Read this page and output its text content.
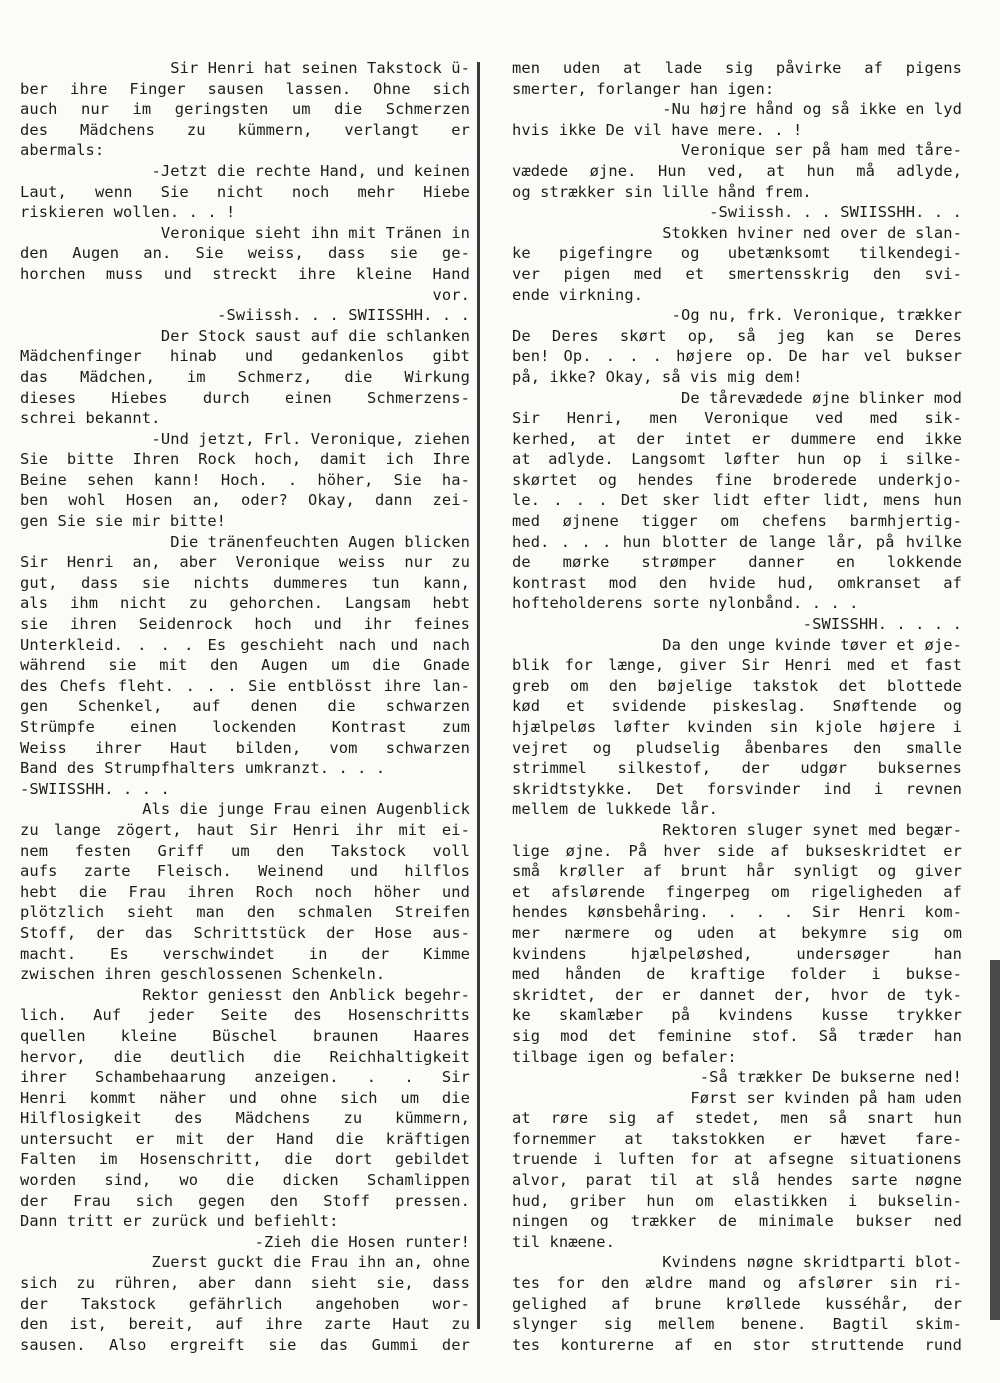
Sir Henri hat seinen Takstock ü-
ber ihre Finger sausen lassen. Ohne sich
auch nur im geringsten um die Schmerzen
des Mädchens zu kümmern, verlangt er
abermals:
-Jetzt die rechte Hand, und keinen
Laut, wenn Sie nicht noch mehr Hiebe
riskieren wollen. . . !
Veronique sieht ihn mit Tränen in
den Augen an. Sie weiss, dass sie ge-
horchen muss und streckt ihre kleine Hand
vor.
-Swiissh. . . SWIISSHH. . .
Der Stock saust auf die schlanken
Mädchenfinger hinab und gedankenlos gibt
das Mädchen, im Schmerz, die Wirkung
dieses Hiebes durch einen Schmerzens-
schrei bekannt.
-Und jetzt, Frl. Veronique, ziehen
Sie bitte Ihren Rock hoch, damit ich Ihre
Beine sehen kann! Hoch. . höher, Sie ha-
ben wohl Hosen an, oder? Okay, dann zei-
gen Sie sie mir bitte!
Die tränenfeuchten Augen blicken
Sir Henri an, aber Veronique weiss nur zu
gut, dass sie nichts dummeres tun kann,
als ihm nicht zu gehorchen. Langsam hebt
sie ihren Seidenrock hoch und ihr feines
Unterkleid. . . . Es geschieht nach und nach
während sie mit den Augen um die Gnade
des Chefs fleht. . . . Sie entblösst ihre lan-
gen Schenkel, auf denen die schwarzen
Strümpfe einen lockenden Kontrast zum
Weiss ihrer Haut bilden, vom schwarzen
Band des Strumpfhalters umkranzt. . . .
-SWIISSHH. . . .
Als die junge Frau einen Augenblick
zu lange zögert, haut Sir Henri ihr mit ei-
nem festen Griff um den Takstock voll
aufs zarte Fleisch. Weinend und hilflos
hebt die Frau ihren Roch noch höher und
plötzlich sieht man den schmalen Streifen
Stoff, der das Schrittstück der Hose aus-
macht. Es verschwindet in der Kimme
zwischen ihren geschlossenen Schenkeln.
Rektor geniesst den Anblick begehr-
lich. Auf jeder Seite des Hosenschritts
quellen kleine Büschel braunen Haares
hervor, die deutlich die Reichhaltigkeit
ihrer Schambehaarung anzeigen. . . Sir
Henri kommt näher und ohne sich um die
Hilflosigkeit des Mädchens zu kümmern,
untersucht er mit der Hand die kräftigen
Falten im Hosenschritt, die dort gebildet
worden sind, wo die dicken Schamlippen
der Frau sich gegen den Stoff pressen.
Dann tritt er zurück und befiehlt:
-Zieh die Hosen runter!
Zuerst guckt die Frau ihn an, ohne
sich zu rühren, aber dann sieht sie, dass
der Takstock gefährlich angehoben wor-
den ist, bereit, auf ihre zarte Haut zu
sausen. Also ergreift sie das Gummi der
men uden at lade sig påvirke af pigens
smerter, forlanger han igen:
-Nu højre hånd og så ikke en lyd
hvis ikke De vil have mere. . !
Veronique ser på ham med tåre-
vædede øjne. Hun ved, at hun må adlyde,
og strækker sin lille hånd frem.
-Swiissh. . . SWIISSHH. . .
Stokken hviner ned over de slan-
ke pigefingre og ubetænksomt tilkendegi-
ver pigen med et smertensskrig den svi-
ende virkning.
-Og nu, frk. Veronique, trækker
De Deres skørt op, så jeg kan se Deres
ben! Op. . . . højere op. De har vel bukser
på, ikke? Okay, så vis mig dem!
De tårevædede øjne blinker mod
Sir Henri, men Veronique ved med sik-
kerhed, at der intet er dummere end ikke
at adlyde. Langsomt løfter hun op i silke-
skørtet og hendes fine broderede underkjo-
le. . . . Det sker lidt efter lidt, mens hun
med øjnene tigger om chefens barmhjertig-
hed. . . . hun blotter de lange lår, på hvilke
de mørke strømper danner en lokkende
kontrast mod den hvide hud, omkranset af
hofteholderens sorte nylonbånd. . . .
-SWISSHH. . . . .
Da den unge kvinde tøver et øje-
blik for længe, giver Sir Henri med et fast
greb om den bøjelige takstok det blottede
kød et svidende piskeslag. Snøftende og
hjælpeløs løfter kvinden sin kjole højere i
vejret og pludselig åbenbares den smalle
strimmel silkestof, der udgør buksernes
skridtstykke. Det forsvinder ind i revnen
mellem de lukkede lår.
Rektoren sluger synet med begær-
lige øjne. På hver side af bukseskridtet er
små krøller af brunt hår synligt og giver
et afslørende fingerpeg om rigeligheden af
hendes kønsbehåring. . . . Sir Henri kom-
mer nærmere og uden at bekymre sig om
kvindens hjælpeløshed, undersøger han
med hånden de kraftige folder i bukse-
skridtet, der er dannet der, hvor de tyk-
ke skamlæber på kvindens kusse trykker
sig mod det feminine stof. Så træder han
tilbage igen og befaler:
-Så trækker De bukserne ned!
Først ser kvinden på ham uden
at røre sig af stedet, men så snart hun
fornemmer at takstokken er hævet fare-
truende i luften for at afsegne situationens
alvor, parat til at slå hendes sarte nøgne
hud, griber hun om elastikken i bukselin-
ningen og trækker de minimale bukser ned
til knæene.
Kvindens nøgne skridtparti blot-
tes for den ældre mand og afslører sin ri-
gelighed af brune krøllede kusséhår, der
slynger sig mellem benene. Bagtil skim-
tes konturerne af en stor struttende rund
